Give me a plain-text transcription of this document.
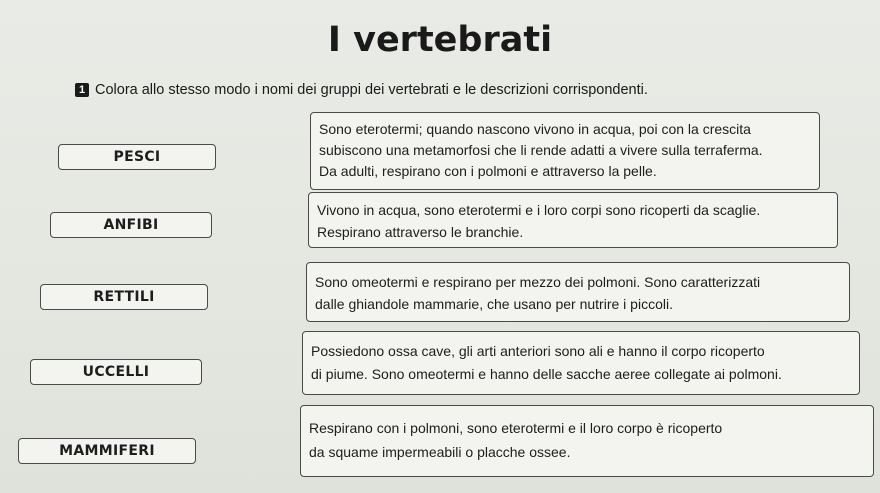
I vertebrati
1 Colora allo stesso modo i nomi dei gruppi dei vertebrati e le descrizioni corrispondenti.
PESCI
ANFIBI
RETTILI
UCCELLI
MAMMIFERI
Sono eterotermi; quando nascono vivono in acqua, poi con la crescita
subiscono una metamorfosi che li rende adatti a vivere sulla terraferma.
Da adulti, respirano con i polmoni e attraverso la pelle.
Vivono in acqua, sono eterotermi e i loro corpi sono ricoperti da scaglie.
Respirano attraverso le branchie.
Sono omeotermi e respirano per mezzo dei polmoni. Sono caratterizzati
dalle ghiandole mammarie, che usano per nutrire i piccoli.
Possiedono ossa cave, gli arti anteriori sono ali e hanno il corpo ricoperto
di piume. Sono omeotermi e hanno delle sacche aeree collegate ai polmoni.
Respirano con i polmoni, sono eterotermi e il loro corpo è ricoperto
da squame impermeabili o placche ossee.
